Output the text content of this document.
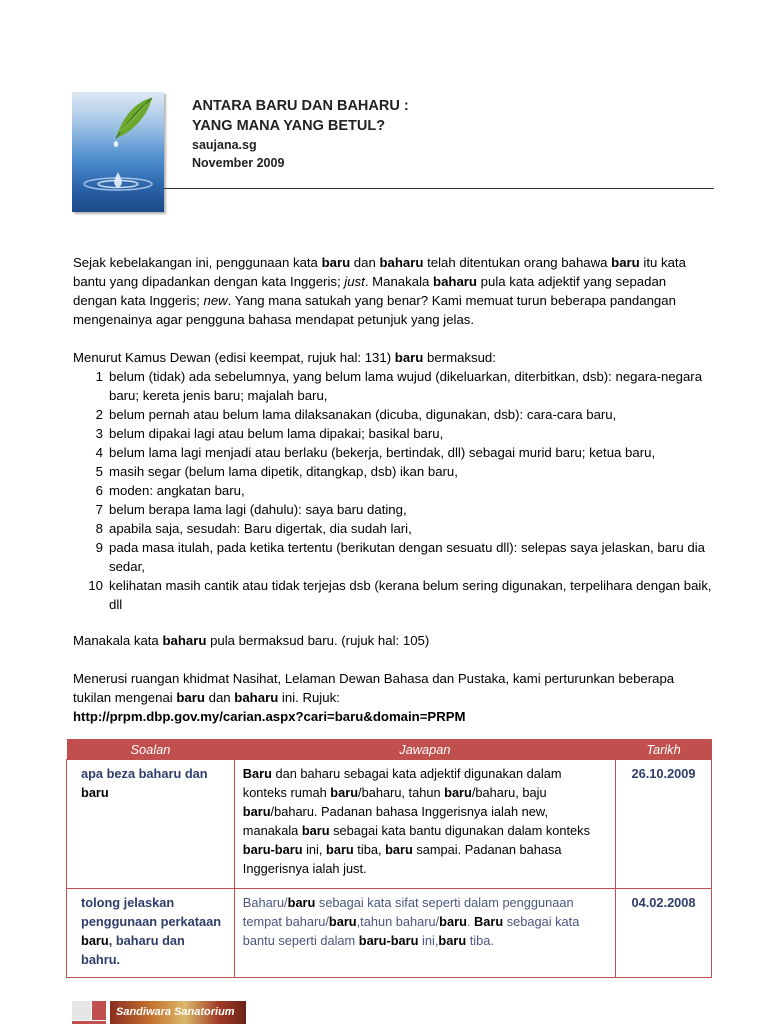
ANTARA BARU DAN BAHARU :
YANG MANA YANG BETUL?
saujana.sg
November 2009
Sejak kebelakangan ini, penggunaan kata baru dan baharu telah ditentukan orang bahawa baru itu kata bantu yang dipadankan dengan kata Inggeris; just. Manakala baharu pula kata adjektif yang sepadan dengan kata Inggeris; new. Yang mana satukah yang benar? Kami memuat turun beberapa pandangan mengenainya agar pengguna bahasa mendapat petunjuk yang jelas.
Menurut Kamus Dewan (edisi keempat, rujuk hal: 131) baru bermaksud:
1 belum (tidak) ada sebelumnya, yang belum lama wujud (dikeluarkan, diterbitkan, dsb): negara-negara baru; kereta jenis baru; majalah baru,
2 belum pernah atau belum lama dilaksanakan (dicuba, digunakan, dsb): cara-cara baru,
3 belum dipakai lagi atau belum lama dipakai; basikal baru,
4 belum lama lagi menjadi atau berlaku (bekerja, bertindak, dll) sebagai murid baru; ketua baru,
5 masih segar (belum lama dipetik, ditangkap, dsb) ikan baru,
6 moden: angkatan baru,
7 belum berapa lama lagi (dahulu): saya baru dating,
8 apabila saja, sesudah: Baru digertak, dia sudah lari,
9 pada masa itulah, pada ketika tertentu (berikutan dengan sesuatu dll): selepas saya jelaskan, baru dia sedar,
10 kelihatan masih cantik atau tidak terjejas dsb (kerana belum sering digunakan, terpelihara dengan baik, dll
Manakala kata baharu pula bermaksud baru. (rujuk hal: 105)
Menerusi ruangan khidmat Nasihat, Lelaman Dewan Bahasa dan Pustaka, kami perturunkan beberapa tukilan mengenai baru dan baharu ini. Rujuk:
http://prpm.dbp.gov.my/carian.aspx?cari=baru&domain=PRPM
Soalan	Jawapan	Tarikh
apa beza baharu dan
baru	Baru dan baharu sebagai kata adjektif digunakan dalam konteks rumah baru/baharu, tahun baru/baharu, baju baru/baharu. Padanan bahasa Inggerisnya ialah new, manakala baru sebagai kata bantu digunakan dalam konteks baru-baru ini, baru tiba, baru sampai. Padanan bahasa Inggerisnya ialah just.	26.10.2009
tolong jelaskan penggunaan perkataan baru, baharu dan bahru.	Baharu/baru sebagai kata sifat seperti dalam penggunaan tempat baharu/baru,tahun baharu/baru. Baru sebagai kata bantu seperti dalam baru-baru ini,baru tiba.	04.02.2008
Sandiwara Sanatorium
